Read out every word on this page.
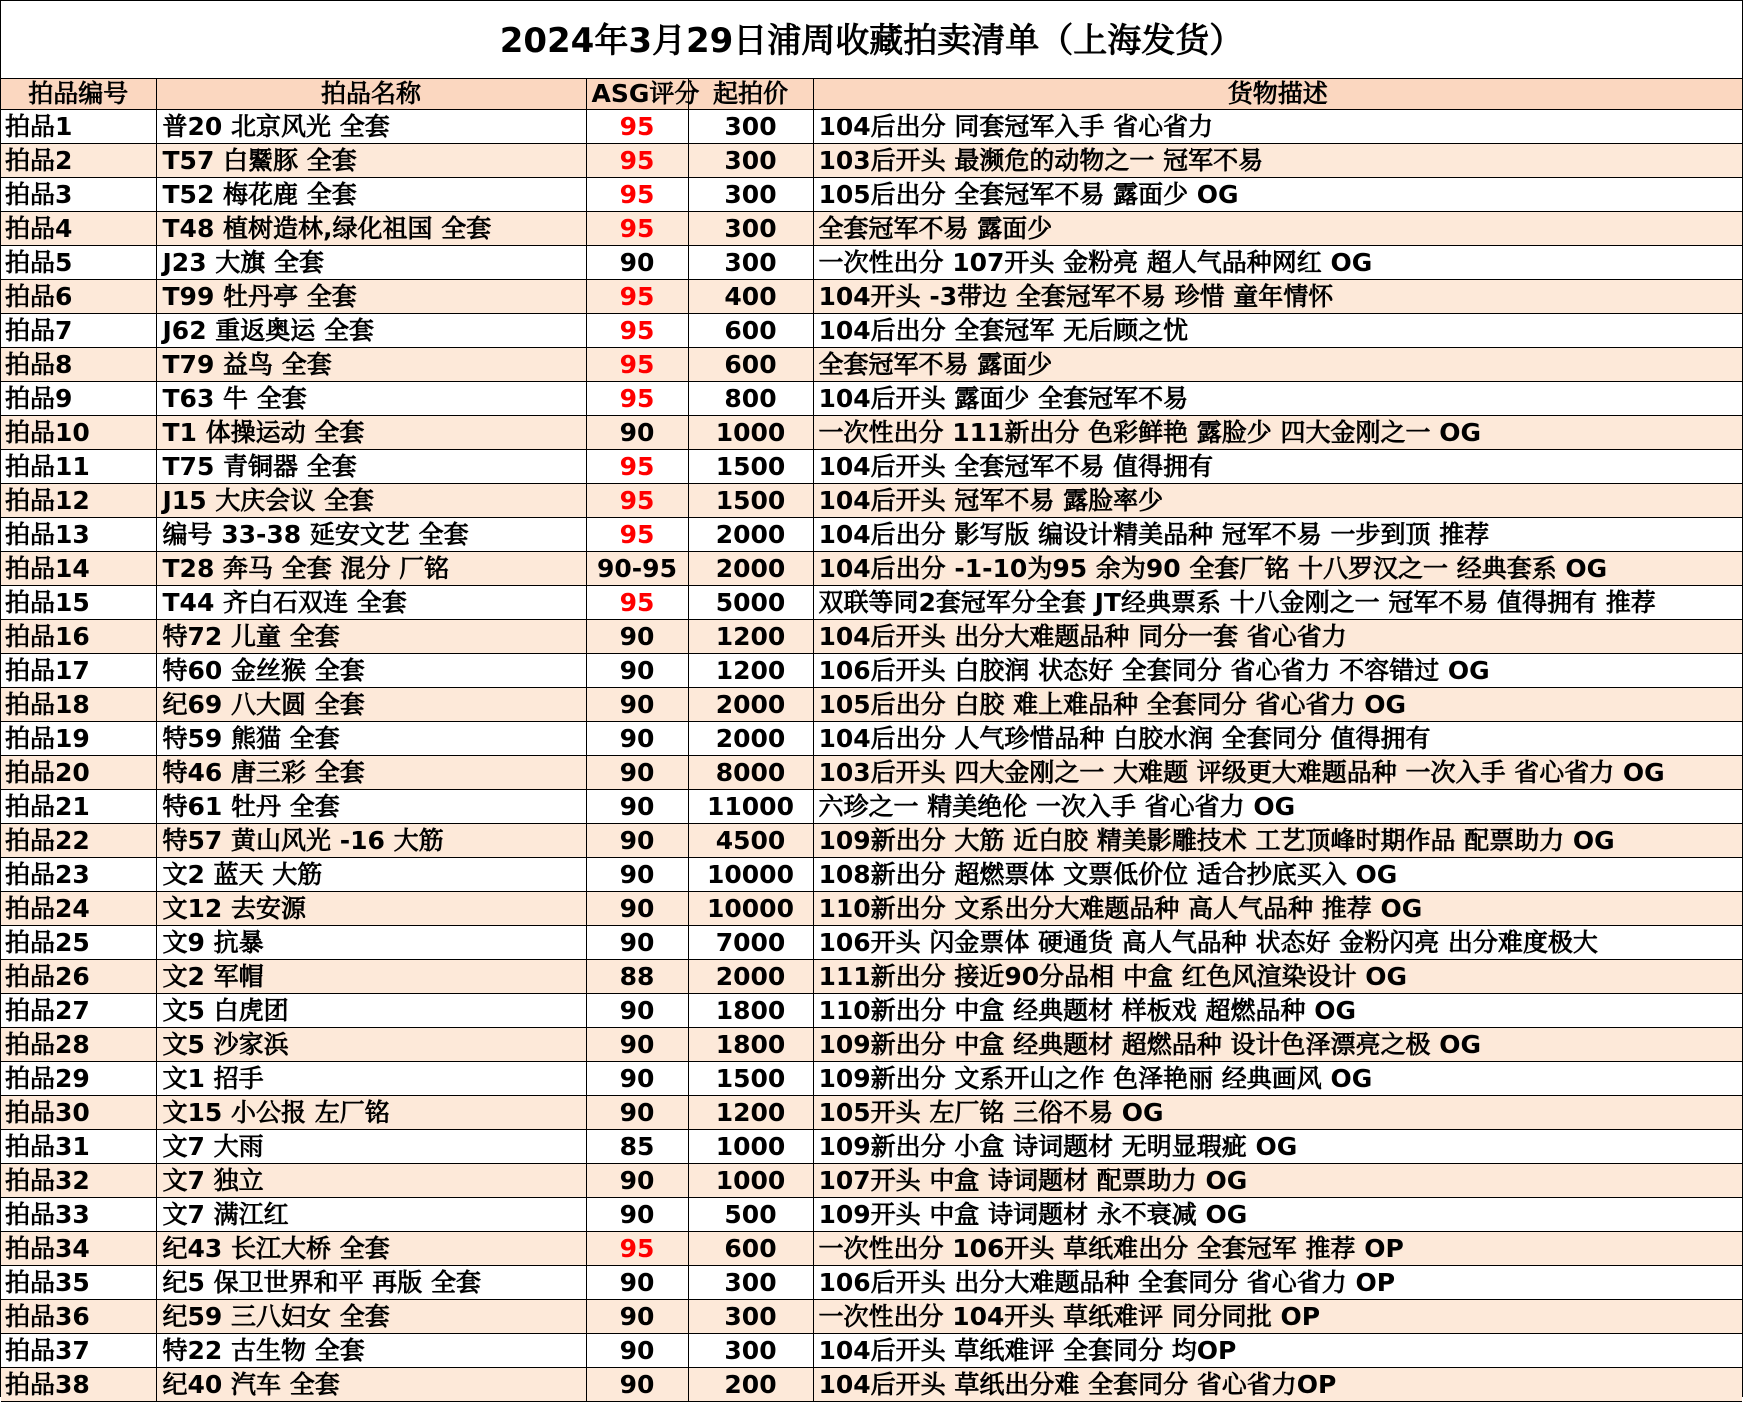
2024年3月29日浦周收藏拍卖清单（上海发货）
拍品编号	拍品名称	ASG评分	起拍价	货物描述
拍品1	普20 北京风光 全套	95	300	104后出分 同套冠军入手 省心省力
拍品2	T57 白鱀豚 全套	95	300	103后开头 最濒危的动物之一 冠军不易
拍品3	T52 梅花鹿 全套	95	300	105后出分 全套冠军不易 露面少 OG
拍品4	T48 植树造林,绿化祖国 全套	95	300	全套冠军不易 露面少
拍品5	J23 大旗 全套	90	300	一次性出分 107开头 金粉亮 超人气品种网红 OG
拍品6	T99 牡丹亭 全套	95	400	104开头 -3带边 全套冠军不易 珍惜 童年情怀
拍品7	J62 重返奥运 全套	95	600	104后出分 全套冠军 无后顾之忧
拍品8	T79 益鸟 全套	95	600	全套冠军不易 露面少
拍品9	T63 牛 全套	95	800	104后开头 露面少 全套冠军不易
拍品10	T1 体操运动 全套	90	1000	一次性出分 111新出分 色彩鲜艳 露脸少 四大金刚之一 OG
拍品11	T75 青铜器 全套	95	1500	104后开头 全套冠军不易 值得拥有
拍品12	J15 大庆会议 全套	95	1500	104后开头 冠军不易 露脸率少
拍品13	编号 33-38 延安文艺 全套	95	2000	104后出分 影写版 编设计精美品种 冠军不易 一步到顶 推荐
拍品14	T28 奔马 全套 混分 厂铭	90-95	2000	104后出分 -1-10为95 余为90 全套厂铭 十八罗汉之一 经典套系 OG
拍品15	T44 齐白石双连 全套	95	5000	双联等同2套冠军分全套 JT经典票系 十八金刚之一 冠军不易 值得拥有 推荐
拍品16	特72 儿童 全套	90	1200	104后开头 出分大难题品种 同分一套 省心省力
拍品17	特60 金丝猴 全套	90	1200	106后开头 白胶润 状态好 全套同分 省心省力 不容错过 OG
拍品18	纪69 八大圆 全套	90	2000	105后出分 白胶 难上难品种 全套同分 省心省力 OG
拍品19	特59 熊猫 全套	90	2000	104后出分 人气珍惜品种 白胶水润 全套同分 值得拥有
拍品20	特46 唐三彩 全套	90	8000	103后开头 四大金刚之一 大难题 评级更大难题品种 一次入手 省心省力 OG
拍品21	特61 牡丹 全套	90	11000	六珍之一 精美绝伦 一次入手 省心省力 OG
拍品22	特57 黄山风光 -16 大筋	90	4500	109新出分 大筋 近白胶 精美影雕技术 工艺顶峰时期作品 配票助力 OG
拍品23	文2 蓝天 大筋	90	10000	108新出分 超燃票体 文票低价位 适合抄底买入 OG
拍品24	文12 去安源	90	10000	110新出分 文系出分大难题品种 高人气品种 推荐 OG
拍品25	文9 抗暴	90	7000	106开头 闪金票体 硬通货 高人气品种 状态好 金粉闪亮 出分难度极大
拍品26	文2 军帽	88	2000	111新出分 接近90分品相 中盒 红色风渲染设计 OG
拍品27	文5 白虎团	90	1800	110新出分 中盒 经典题材 样板戏 超燃品种 OG
拍品28	文5 沙家浜	90	1800	109新出分 中盒 经典题材 超燃品种 设计色泽漂亮之极 OG
拍品29	文1 招手	90	1500	109新出分 文系开山之作 色泽艳丽 经典画风 OG
拍品30	文15 小公报 左厂铭	90	1200	105开头 左厂铭 三俗不易 OG
拍品31	文7 大雨	85	1000	109新出分 小盒 诗词题材 无明显瑕疵 OG
拍品32	文7 独立	90	1000	107开头 中盒 诗词题材 配票助力 OG
拍品33	文7 满江红	90	500	109开头 中盒 诗词题材 永不衰减 OG
拍品34	纪43 长江大桥 全套	95	600	一次性出分 106开头 草纸难出分 全套冠军 推荐 OP
拍品35	纪5 保卫世界和平 再版 全套	90	300	106后开头 出分大难题品种 全套同分 省心省力 OP
拍品36	纪59 三八妇女 全套	90	300	一次性出分 104开头 草纸难评 同分同批 OP
拍品37	特22 古生物 全套	90	300	104后开头 草纸难评 全套同分 均OP
拍品38	纪40 汽车 全套	90	200	104后开头 草纸出分难 全套同分 省心省力OP
